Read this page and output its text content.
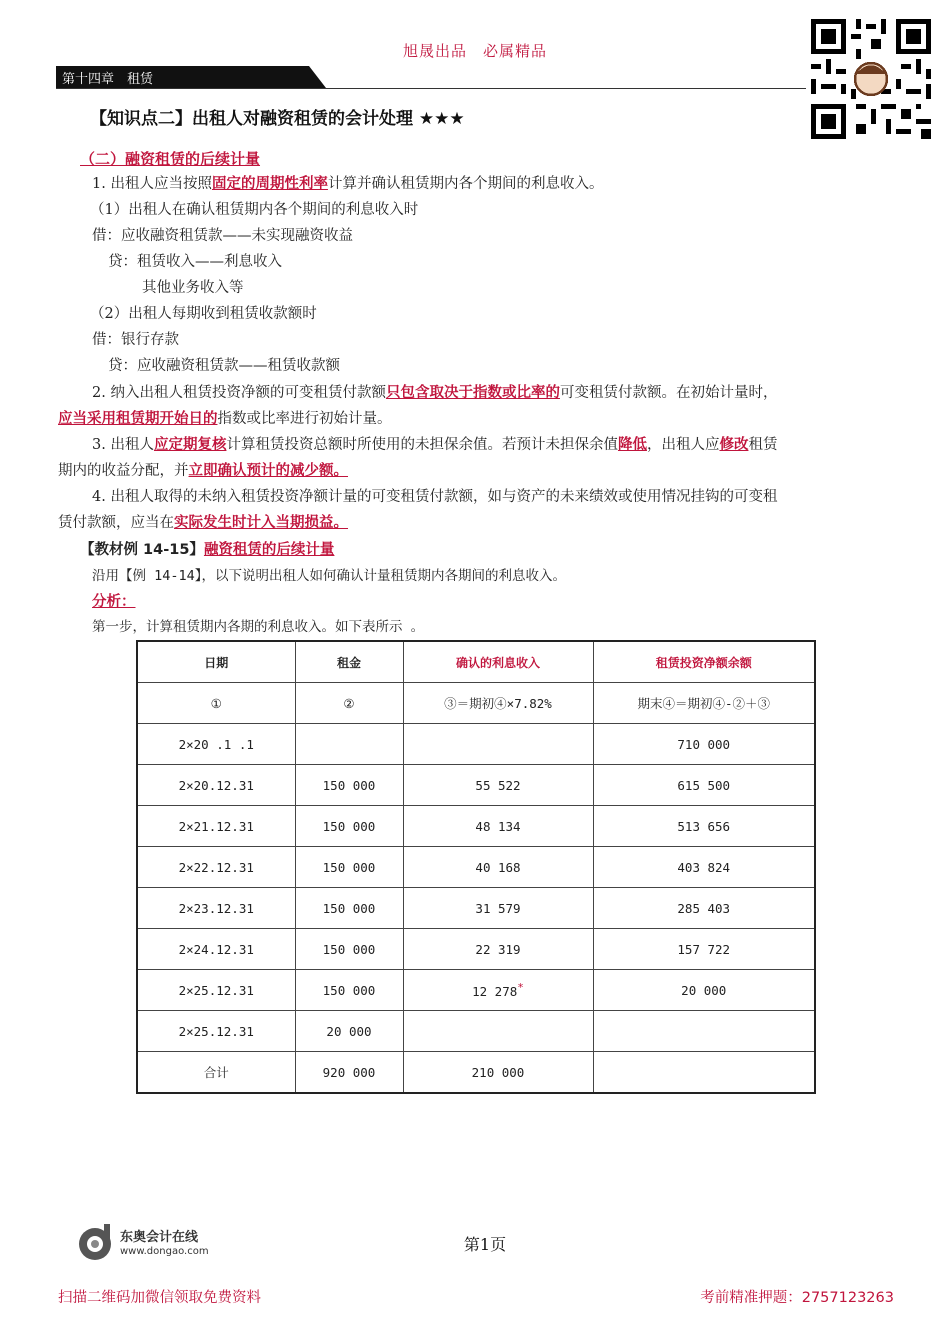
旭晟出品　必属精品
第十四章　租赁
【知识点二】出租人对融资租赁的会计处理 ★★★
（二）融资租赁的后续计量
1. 出租人应当按照固定的周期性利率计算并确认租赁期内各个期间的利息收入。
（1）出租人在确认租赁期内各个期间的利息收入时
借：应收融资租赁款——未实现融资收益
贷：租赁收入——利息收入
其他业务收入等
（2）出租人每期收到租赁收款额时
借：银行存款
贷：应收融资租赁款——租赁收款额
2. 纳入出租人租赁投资净额的可变租赁付款额只包含取决于指数或比率的可变租赁付款额。在初始计量时，
应当采用租赁期开始日的指数或比率进行初始计量。
3. 出租人应定期复核计算租赁投资总额时所使用的未担保余值。若预计未担保余值降低，出租人应修改租赁
期内的收益分配，并立即确认预计的减少额。
4. 出租人取得的未纳入租赁投资净额计量的可变租赁付款额，如与资产的未来绩效或使用情况挂钩的可变租
赁付款额，应当在实际发生时计入当期损益。
【教材例 14-15】融资租赁的后续计量
沿用【例 14-14】，以下说明出租人如何确认计量租赁期内各期间的利息收入。
分析：
第一步，计算租赁期内各期的利息收入。如下表所示 。
日期	租金	确认的利息收入	租赁投资净额余额
①	②	③＝期初④×7.82%	期末④＝期初④-②＋③
2×20 .1 .1			710 000
2×20.12.31	150 000	55 522	615 500
2×21.12.31	150 000	48 134	513 656
2×22.12.31	150 000	40 168	403 824
2×23.12.31	150 000	31 579	285 403
2×24.12.31	150 000	22 319	157 722
2×25.12.31	150 000	12 278*	20 000
2×25.12.31	20 000		
合计	920 000	210 000	
东奥会计在线
www.dongao.com	第1页
扫描二维码加微信领取免费资料	考前精准押题：2757123263
